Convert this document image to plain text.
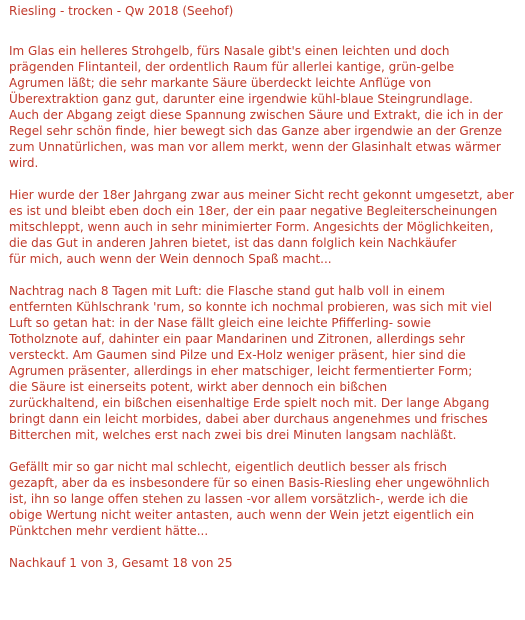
Riesling - trocken - Qw 2018 (Seehof)

Im Glas ein helleres Strohgelb, fürs Nasale gibt's einen leichten und doch
prägenden Flintanteil, der ordentlich Raum für allerlei kantige, grün-gelbe
Agrumen läßt; die sehr markante Säure überdeckt leichte Anflüge von
Überextraktion ganz gut, darunter eine irgendwie kühl-blaue Steingrundlage.
Auch der Abgang zeigt diese Spannung zwischen Säure und Extrakt, die ich in der
Regel sehr schön finde, hier bewegt sich das Ganze aber irgendwie an der Grenze
zum Unnatürlichen, was man vor allem merkt, wenn der Glasinhalt etwas wärmer
wird.

Hier wurde der 18er Jahrgang zwar aus meiner Sicht recht gekonnt umgesetzt, aber
es ist und bleibt eben doch ein 18er, der ein paar negative Begleiterscheinungen
mitschleppt, wenn auch in sehr minimierter Form. Angesichts der Möglichkeiten,
die das Gut in anderen Jahren bietet, ist das dann folglich kein Nachkäufer
für mich, auch wenn der Wein dennoch Spaß macht...

Nachtrag nach 8 Tagen mit Luft: die Flasche stand gut halb voll in einem
entfernten Kühlschrank 'rum, so konnte ich nochmal probieren, was sich mit viel
Luft so getan hat: in der Nase fällt gleich eine leichte Pfifferling- sowie
Totholznote auf, dahinter ein paar Mandarinen und Zitronen, allerdings sehr
versteckt. Am Gaumen sind Pilze und Ex-Holz weniger präsent, hier sind die
Agrumen präsenter, allerdings in eher matschiger, leicht fermentierter Form;
die Säure ist einerseits potent, wirkt aber dennoch ein bißchen
zurückhaltend, ein bißchen eisenhaltige Erde spielt noch mit. Der lange Abgang
bringt dann ein leicht morbides, dabei aber durchaus angenehmes und frisches
Bitterchen mit, welches erst nach zwei bis drei Minuten langsam nachläßt.

Gefällt mir so gar nicht mal schlecht, eigentlich deutlich besser als frisch
gezapft, aber da es insbesondere für so einen Basis-Riesling eher ungewöhnlich
ist, ihn so lange offen stehen zu lassen -vor allem vorsätzlich-, werde ich die
obige Wertung nicht weiter antasten, auch wenn der Wein jetzt eigentlich ein
Pünktchen mehr verdient hätte...

Nachkauf 1 von 3, Gesamt 18 von 25
